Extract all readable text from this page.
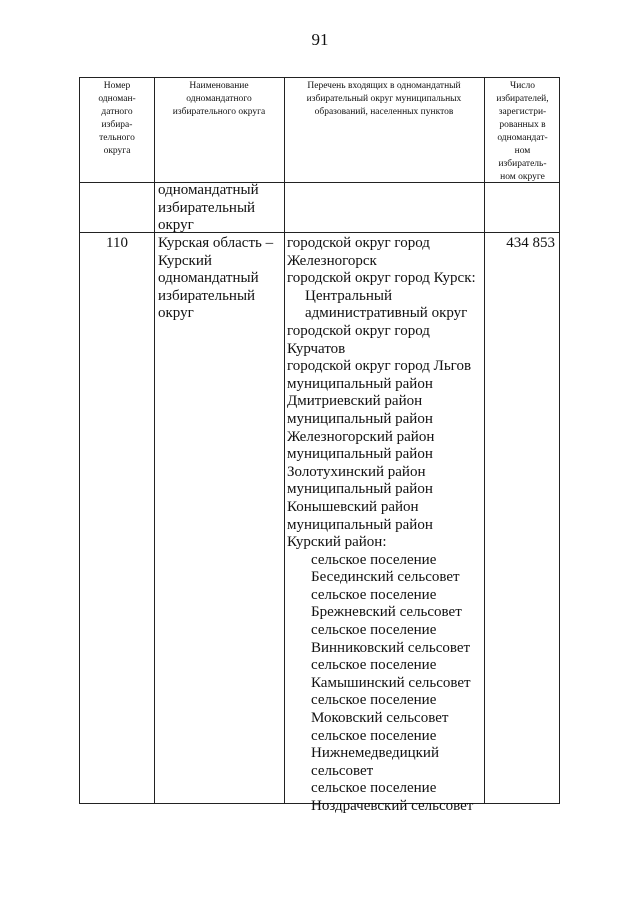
91
Номер
одноман-
датного
избира-
тельного
округа
Наименование
одномандатного
избирательного округа
Перечень входящих в одномандатный
избирательный округ муниципальных
образований, населенных пунктов
Число
избирателей,
зарегистри-
рованных в
одномандат-
ном
избиратель-
ном округе
одномандатный
избирательный
округ
110	Курская область –
Курский
одномандатный
избирательный
округ
городской округ город
Железногорск
городской округ город Курск:
Центральный
административный округ
городской округ город
Курчатов
городской округ город Льгов
муниципальный район
Дмитриевский район
муниципальный район
Железногорский район
муниципальный район
Золотухинский район
муниципальный район
Конышевский район
муниципальный район
Курский район:
сельское поселение
Бесединский сельсовет
сельское поселение
Брежневский сельсовет
сельское поселение
Винниковский сельсовет
сельское поселение
Камышинский сельсовет
сельское поселение
Моковский сельсовет
сельское поселение
Нижнемедведицкий
сельсовет
сельское поселение
Ноздрачевский сельсовет
434 853
